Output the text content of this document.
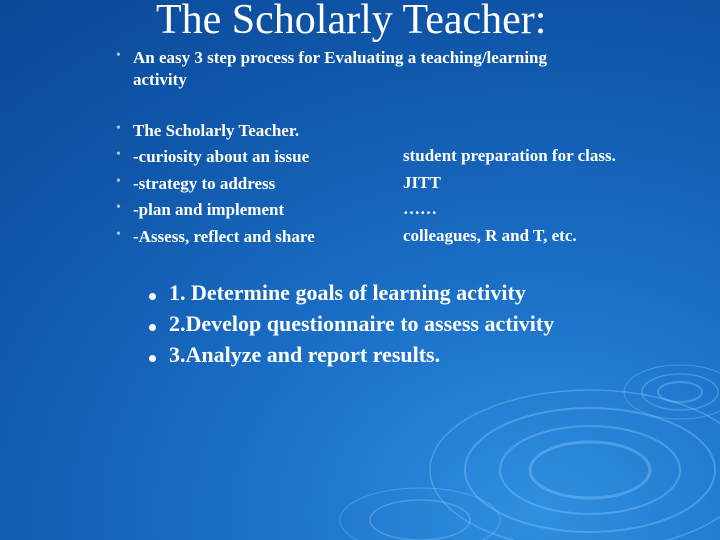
The Scholarly Teacher:
• An easy 3 step process for Evaluating a teaching/learning
activity
• The Scholarly Teacher.
• -curiosity about an issue
• -strategy to address
• -plan and implement
• -Assess, reflect and share
student preparation for class.
JITT
……
colleagues, R and T, etc.
1. Determine goals of learning activity
2.Develop questionnaire to assess activity
3.Analyze and report results.
